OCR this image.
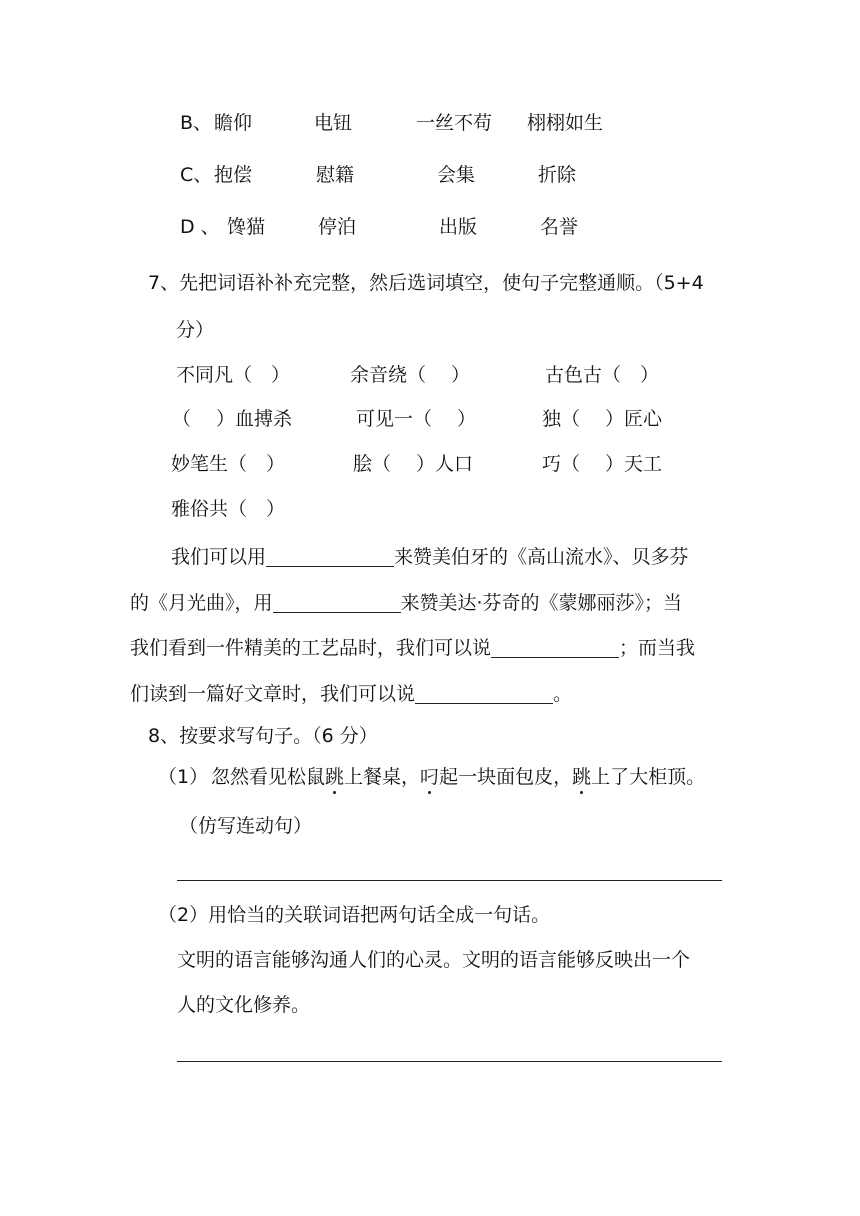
B、 瞻仰	电钮	一丝不苟 栩栩如生
C、 抱偿	慰籍	会集	折除
D 、 馋猫	停泊	出版	名誉
7、先把词语补补充完整，然后选词填空，使句子完整通顺。（5+4
分）
不同凡（　）	余音绕（　 ）	古色古（　）
（　 ）血搏杀	可见一（　 ）	独（　 ）匠心
妙笔生（　）	脍（　 ）人口	巧（　 ）天工
雅俗共（　）
我们可以用	来赞美伯牙的《高山流水》、贝多芬
的《月光曲》，用	来赞美达·芬奇的《蒙娜丽莎》；当
我们看到一件精美的工艺品时，我们可以说	；而当我
们读到一篇好文章时，我们可以说	。
8、按要求写句子。（6 分）
（1） 忽然看见松鼠跳上餐桌，叼起一块面包皮，跳上了大柜顶。
（仿写连动句）
（2）用恰当的关联词语把两句话全成一句话。
文明的语言能够沟通人们的心灵。文明的语言能够反映出一个
人的文化修养。
